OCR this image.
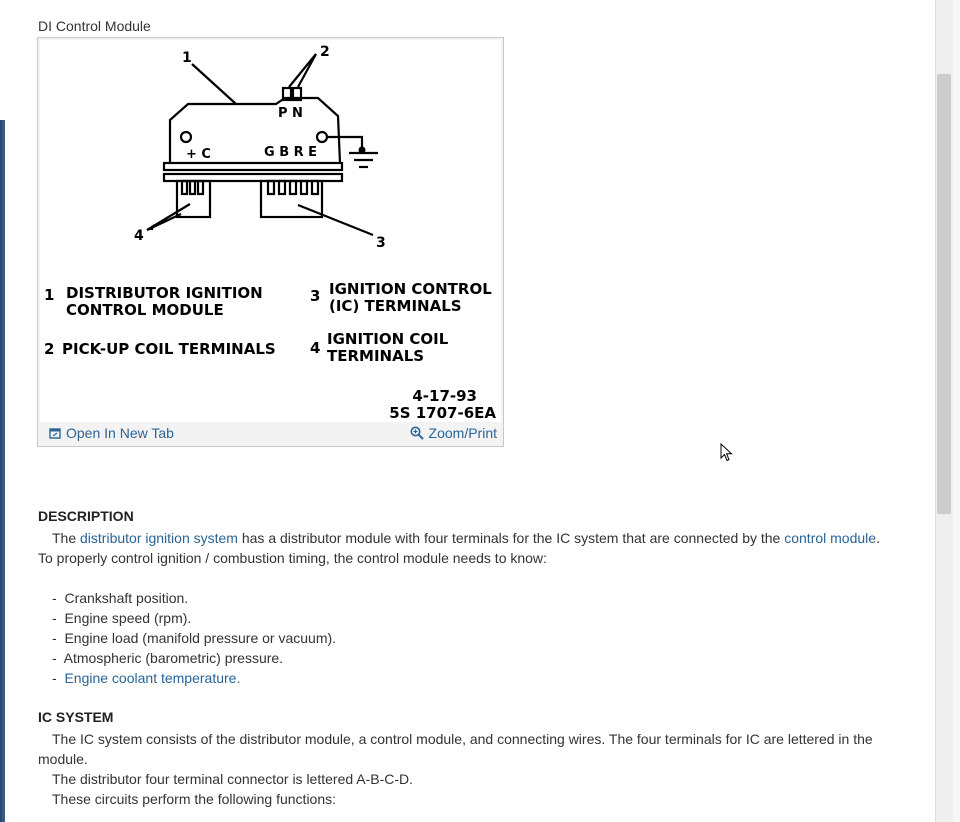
DI Control Module
1	2
3
4
P N
+ C	G B R E
1 DISTRIBUTOR IGNITION
CONTROL MODULE
2 PICK-UP COIL TERMINALS
3 IGNITION CONTROL
(IC) TERMINALS
4 IGNITION COIL
TERMINALS
4-17-93
5S 1707-6EA
Open In New Tab	Zoom/Print
DESCRIPTION
The distributor ignition system has a distributor module with four terminals for the IC system that are connected by the control module.
To properly control ignition / combustion timing, the control module needs to know:
- Crankshaft position.
- Engine speed (rpm).
- Engine load (manifold pressure or vacuum).
- Atmospheric (barometric) pressure.
- Engine coolant temperature.
IC SYSTEM
The IC system consists of the distributor module, a control module, and connecting wires. The four terminals for IC are lettered in the module.
The distributor four terminal connector is lettered A-B-C-D.
These circuits perform the following functions:
